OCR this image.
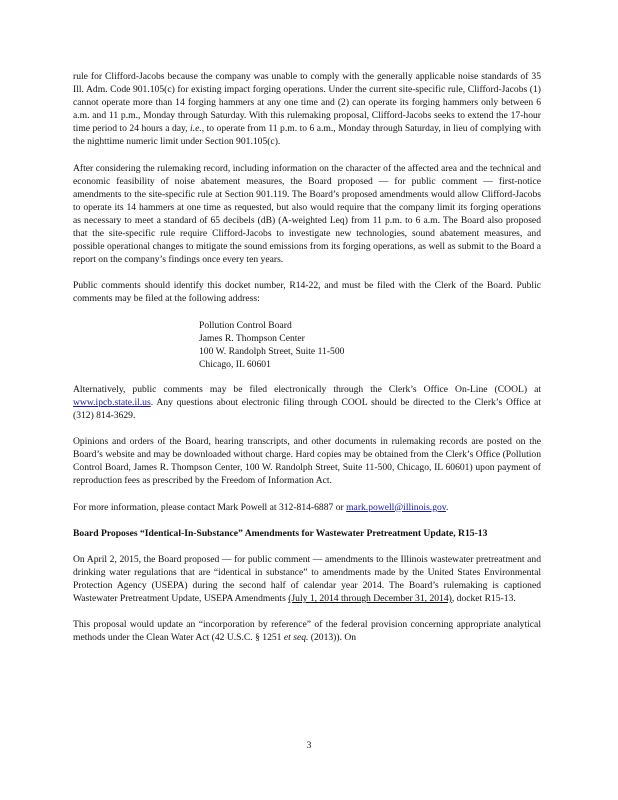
rule for Clifford-Jacobs because the company was unable to comply with the generally applicable noise standards of 35 Ill. Adm. Code 901.105(c) for existing impact forging operations. Under the current site-specific rule, Clifford-Jacobs (1) cannot operate more than 14 forging hammers at any one time and (2) can operate its forging hammers only between 6 a.m. and 11 p.m., Monday through Saturday. With this rulemaking proposal, Clifford-Jacobs seeks to extend the 17-hour time period to 24 hours a day, i.e., to operate from 11 p.m. to 6 a.m., Monday through Saturday, in lieu of complying with the nighttime numeric limit under Section 901.105(c).

After considering the rulemaking record, including information on the character of the affected area and the technical and economic feasibility of noise abatement measures, the Board proposed — for public comment — first-notice amendments to the site-specific rule at Section 901.119. The Board’s proposed amendments would allow Clifford-Jacobs to operate its 14 hammers at one time as requested, but also would require that the company limit its forging operations as necessary to meet a standard of 65 decibels (dB) (A-weighted Leq) from 11 p.m. to 6 a.m. The Board also proposed that the site-specific rule require Clifford-Jacobs to investigate new technologies, sound abatement measures, and possible operational changes to mitigate the sound emissions from its forging operations, as well as submit to the Board a report on the company’s findings once every ten years.

Public comments should identify this docket number, R14-22, and must be filed with the Clerk of the Board. Public comments may be filed at the following address:

Pollution Control Board
James R. Thompson Center
100 W. Randolph Street, Suite 11-500
Chicago, IL 60601

Alternatively, public comments may be filed electronically through the Clerk’s Office On-Line (COOL) at www.ipcb.state.il.us. Any questions about electronic filing through COOL should be directed to the Clerk’s Office at (312) 814-3629.

Opinions and orders of the Board, hearing transcripts, and other documents in rulemaking records are posted on the Board’s website and may be downloaded without charge. Hard copies may be obtained from the Clerk’s Office (Pollution Control Board, James R. Thompson Center, 100 W. Randolph Street, Suite 11-500, Chicago, IL 60601) upon payment of reproduction fees as prescribed by the Freedom of Information Act.

For more information, please contact Mark Powell at 312-814-6887 or mark.powell@illinois.gov.

Board Proposes “Identical-In-Substance” Amendments for Wastewater Pretreatment Update, R15-13

On April 2, 2015, the Board proposed — for public comment — amendments to the Illinois wastewater pretreatment and drinking water regulations that are “identical in substance” to amendments made by the United States Environmental Protection Agency (USEPA) during the second half of calendar year 2014. The Board’s rulemaking is captioned Wastewater Pretreatment Update, USEPA Amendments (July 1, 2014 through December 31, 2014), docket R15-13.

This proposal would update an “incorporation by reference” of the federal provision concerning appropriate analytical methods under the Clean Water Act (42 U.S.C. § 1251 et seq. (2013)). On

3
